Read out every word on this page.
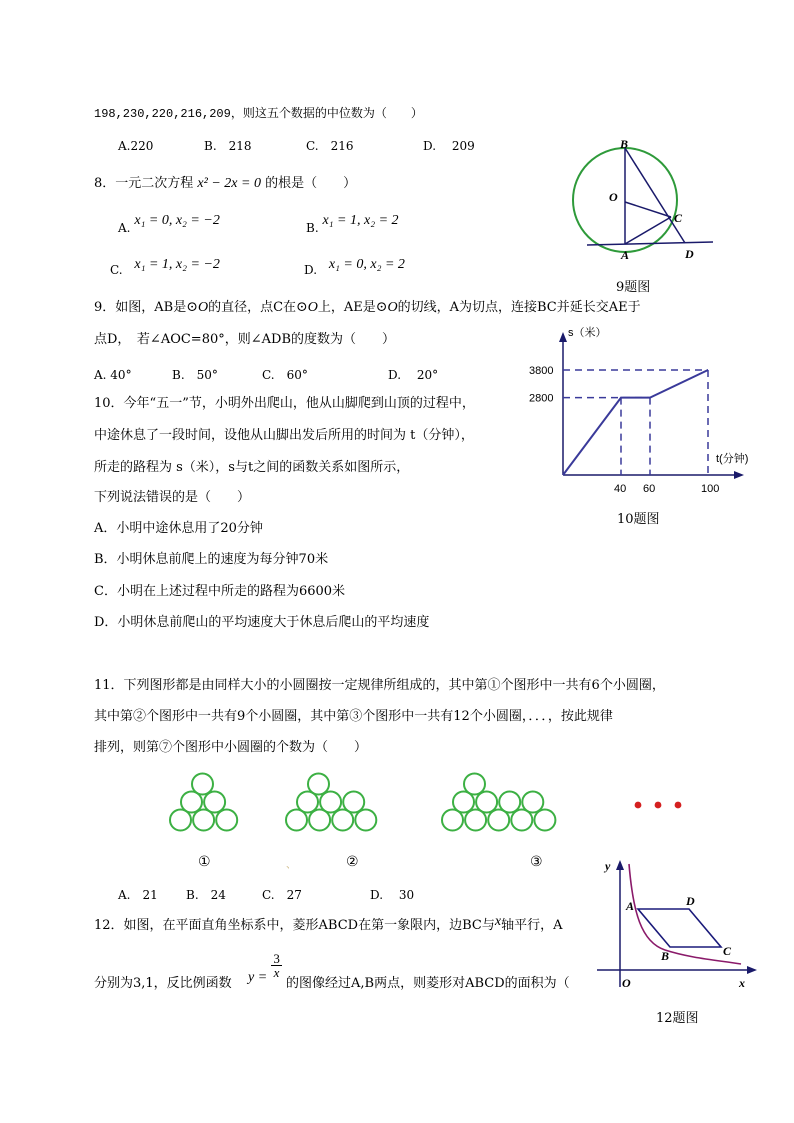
198,230,220,216,209，则这五个数据的中位数为（　　）
A.220	B.　218	C.　216	D.　 209
8．一元二次方程 x² − 2x = 0 的根是（　　）
A. x₁ = 0, x₂ = −2	B. x₁ = 1, x₂ = 2
C. x₁ = 1, x₂ = −2	D. x₁ = 0, x₂ = 2
B
O
C
A	D
9题图
9．如图，AB是⊙O的直径，点C在⊙O上，AE是⊙O的切线，A为切点，连接BC并延长交AE于
点D，　若∠AOC=80°，则∠ADB的度数为（　　）
A. 40°	B.　50°	C.　60°	D.　 20°
s（米）
t(分钟)
40 60	100
2800
3800
10题图
10．今年“五一”节，小明外出爬山，他从山脚爬到山顶的过程中，
中途休息了一段时间，设他从山脚出发后所用的时间为 t（分钟），
所走的路程为 s（米），s与t之间的函数关系如图所示，
下列说法错误的是（　　）
A．小明中途休息用了20分钟
B．小明休息前爬上的速度为每分钟70米
C．小明在上述过程中所走的路程为6600米
D．小明休息前爬山的平均速度大于休息后爬山的平均速度
11．下列图形都是由同样大小的小圆圈按一定规律所组成的，其中第①个图形中一共有6个小圆圈，
其中第②个图形中一共有9个小圆圈，其中第③个图形中一共有12个小圆圈，．．．，按此规律
排列，则第⑦个图形中小圆圈的个数为（　　）
①	、	②	③
A.　21 B.　24	C.　27	D.　 30
12．如图，在平面直角坐标系中，菱形ABCD在第一象限内，边BC与x轴平行，A
分别为3,1，反比例函数 $y = \frac{3}{x}$
的图像经过A,B两点，则菱形对ABCD的面积为（
y
x
O
A	D
B	C
12题图
